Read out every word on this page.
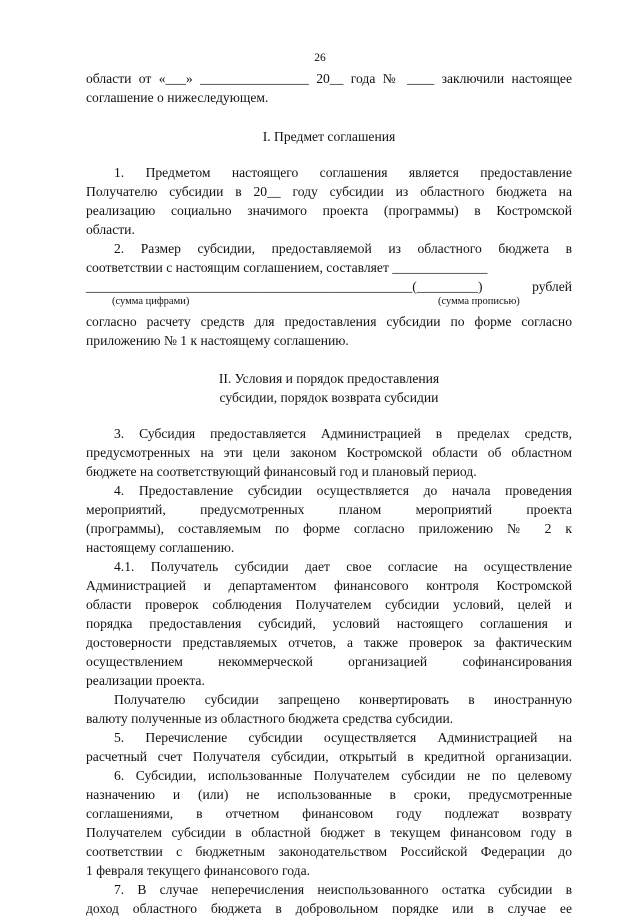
26
области от «___» ________________ 20__ года № ____ заключили настоящее
соглашение о нижеследующем.
I. Предмет соглашения
1. Предметом настоящего соглашения является предоставление
Получателю субсидии в 20__ году субсидии из областного бюджета на
реализацию социально значимого проекта (программы) в Костромской
области.
2. Размер субсидии, предоставляемой из областного бюджета в
соответствии с настоящим соглашением, составляет ______________
________________________________________________(_________) рублей
(сумма цифрами)	(сумма прописью)
согласно расчету средств для предоставления субсидии по форме согласно
приложению № 1 к настоящему соглашению.
II. Условия и порядок предоставления
субсидии, порядок возврата субсидии
3. Субсидия предоставляется Администрацией в пределах средств,
предусмотренных на эти цели законом Костромской области об областном
бюджете на соответствующий финансовый год и плановый период.
4. Предоставление субсидии осуществляется до начала проведения
мероприятий, предусмотренных планом мероприятий проекта
(программы), составляемым по форме согласно приложению № 2 к
настоящему соглашению.
4.1. Получатель субсидии дает свое согласие на осуществление
Администрацией и департаментом финансового контроля Костромской
области проверок соблюдения Получателем субсидии условий, целей и
порядка предоставления субсидий, условий настоящего соглашения и
достоверности представляемых отчетов, а также проверок за фактическим
осуществлением некоммерческой организацией софинансирования
реализации проекта.
Получателю субсидии запрещено конвертировать в иностранную
валюту полученные из областного бюджета средства субсидии.
5. Перечисление субсидии осуществляется Администрацией на
расчетный счет Получателя субсидии, открытый в кредитной организации.
6. Субсидии, использованные Получателем субсидии не по целевому
назначению и (или) не использованные в сроки, предусмотренные
соглашениями, в отчетном финансовом году подлежат возврату
Получателем субсидии в областной бюджет в текущем финансовом году в
соответствии с бюджетным законодательством Российской Федерации до
1 февраля текущего финансового года.
7. В случае неперечисления неиспользованного остатка субсидии в
доход областного бюджета в добровольном порядке или в случае ее
